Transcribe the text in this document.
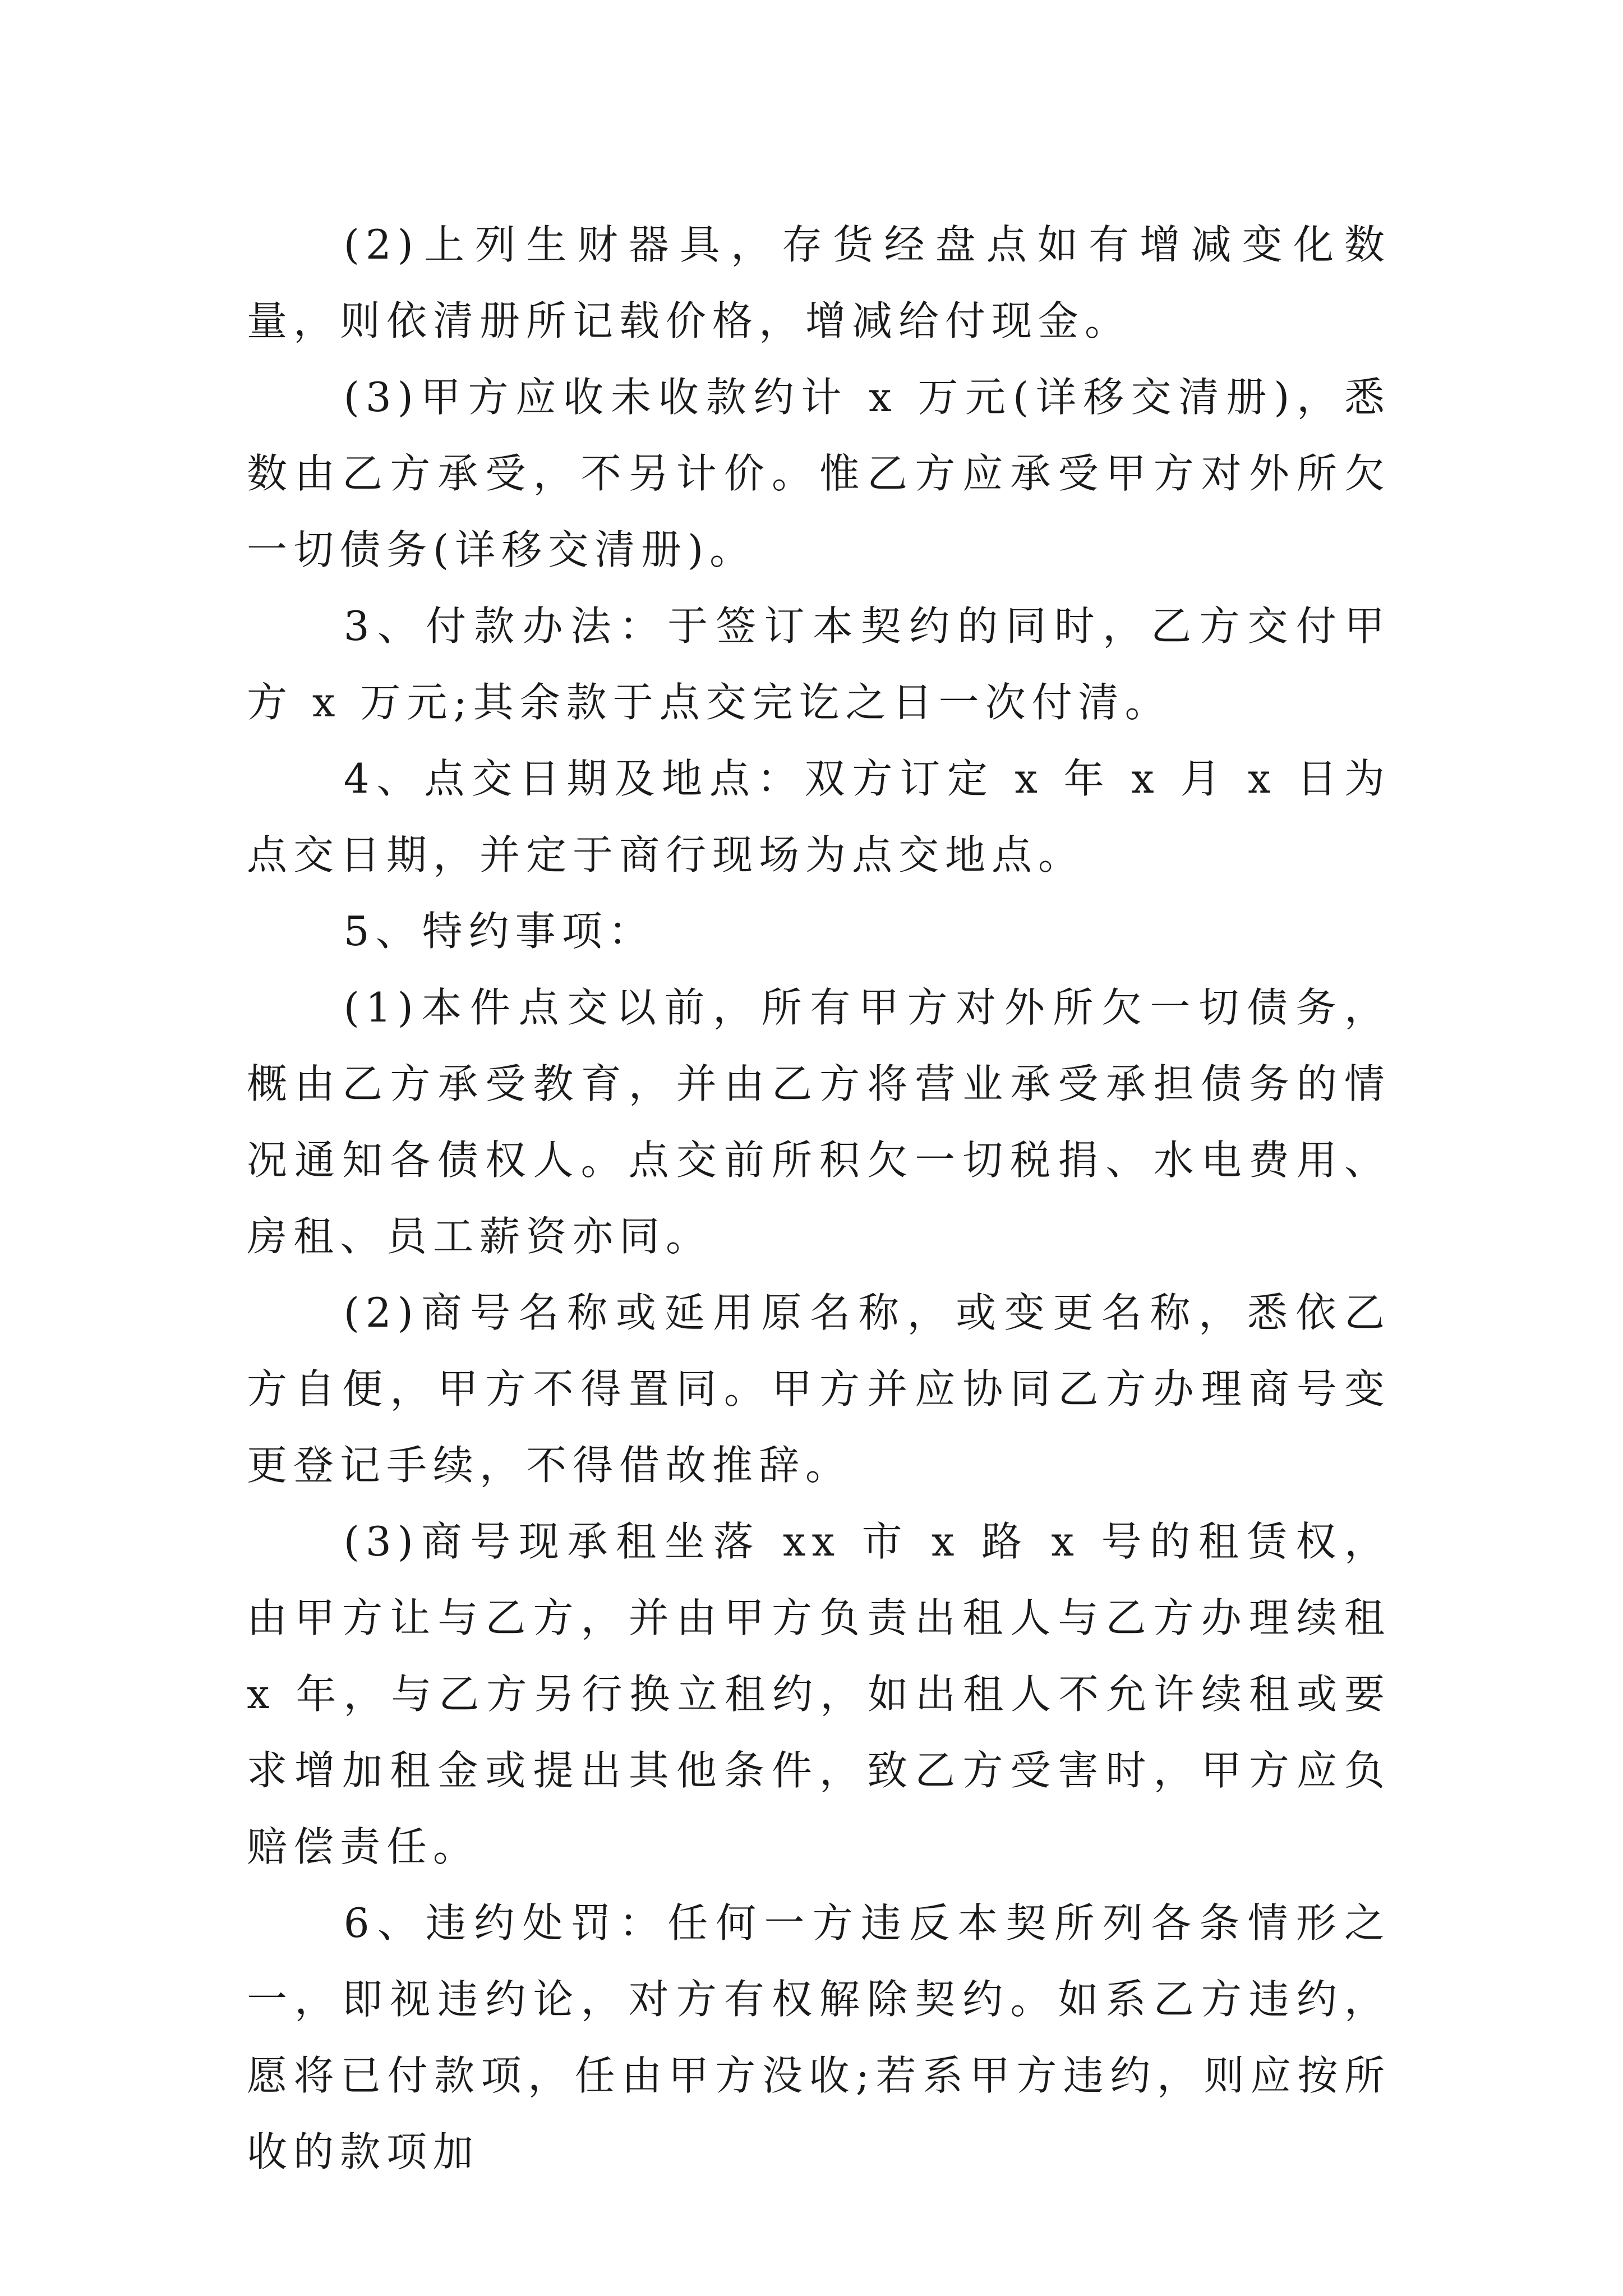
(2)上列生财器具，存货经盘点如有增减变化数量，则依清册所记载价格，增减给付现金。

(3)甲方应收未收款约计 x 万元(详移交清册)，悉数由乙方承受，不另计价。惟乙方应承受甲方对外所欠一切债务(详移交清册)。

3、付款办法：于签订本契约的同时，乙方交付甲方 x 万元;其余款于点交完讫之日一次付清。

4、点交日期及地点：双方订定 x 年 x 月 x 日为点交日期，并定于商行现场为点交地点。

5、特约事项：

(1)本件点交以前，所有甲方对外所欠一切债务，概由乙方承受教育，并由乙方将营业承受承担债务的情况通知各债权人。点交前所积欠一切税捐、水电费用、房租、员工薪资亦同。

(2)商号名称或延用原名称，或变更名称，悉依乙方自便，甲方不得置同。甲方并应协同乙方办理商号变更登记手续，不得借故推辞。

(3)商号现承租坐落 xx 市 x 路 x 号的租赁权，由甲方让与乙方，并由甲方负责出租人与乙方办理续租 x 年，与乙方另行换立租约，如出租人不允许续租或要求增加租金或提出其他条件，致乙方受害时，甲方应负赔偿责任。

6、违约处罚：任何一方违反本契所列各条情形之一，即视违约论，对方有权解除契约。如系乙方违约，愿将已付款项，任由甲方没收;若系甲方违约，则应按所收的款项加
